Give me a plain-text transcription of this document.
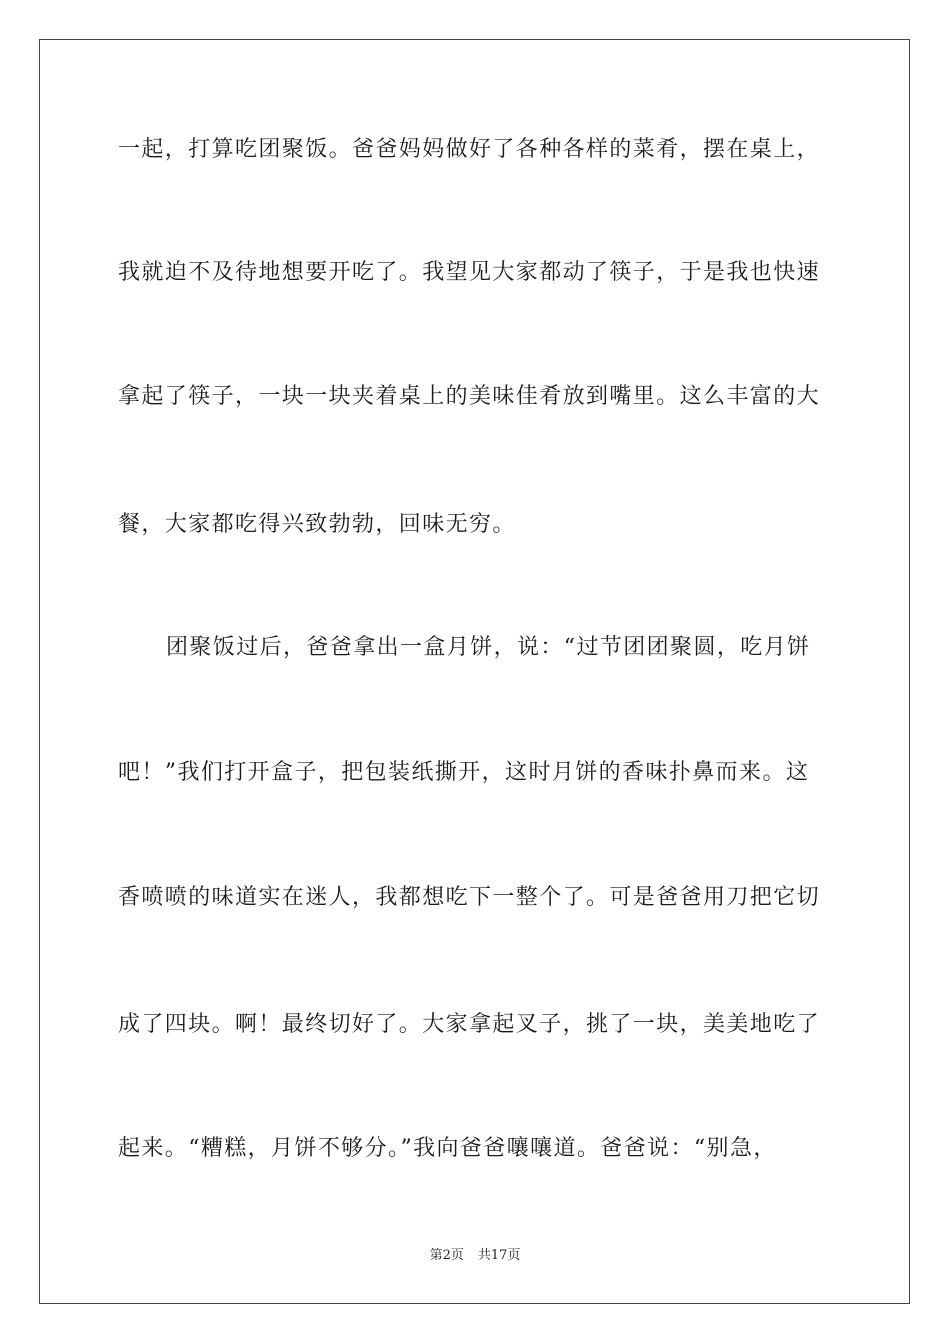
一起，打算吃团聚饭。爸爸妈妈做好了各种各样的菜肴，摆在桌上，
我就迫不及待地想要开吃了。我望见大家都动了筷子，于是我也快速
拿起了筷子，一块一块夹着桌上的美味佳肴放到嘴里。这么丰富的大
餐，大家都吃得兴致勃勃，回味无穷。
团聚饭过后，爸爸拿出一盒月饼，说：“过节团团聚圆，吃月饼
吧！”我们打开盒子，把包装纸撕开，这时月饼的香味扑鼻而来。这
香喷喷的味道实在迷人，我都想吃下一整个了。可是爸爸用刀把它切
成了四块。啊！最终切好了。大家拿起叉子，挑了一块，美美地吃了
起来。“糟糕，月饼不够分。”我向爸爸嚷嚷道。爸爸说：“别急，
第2页 共17页
